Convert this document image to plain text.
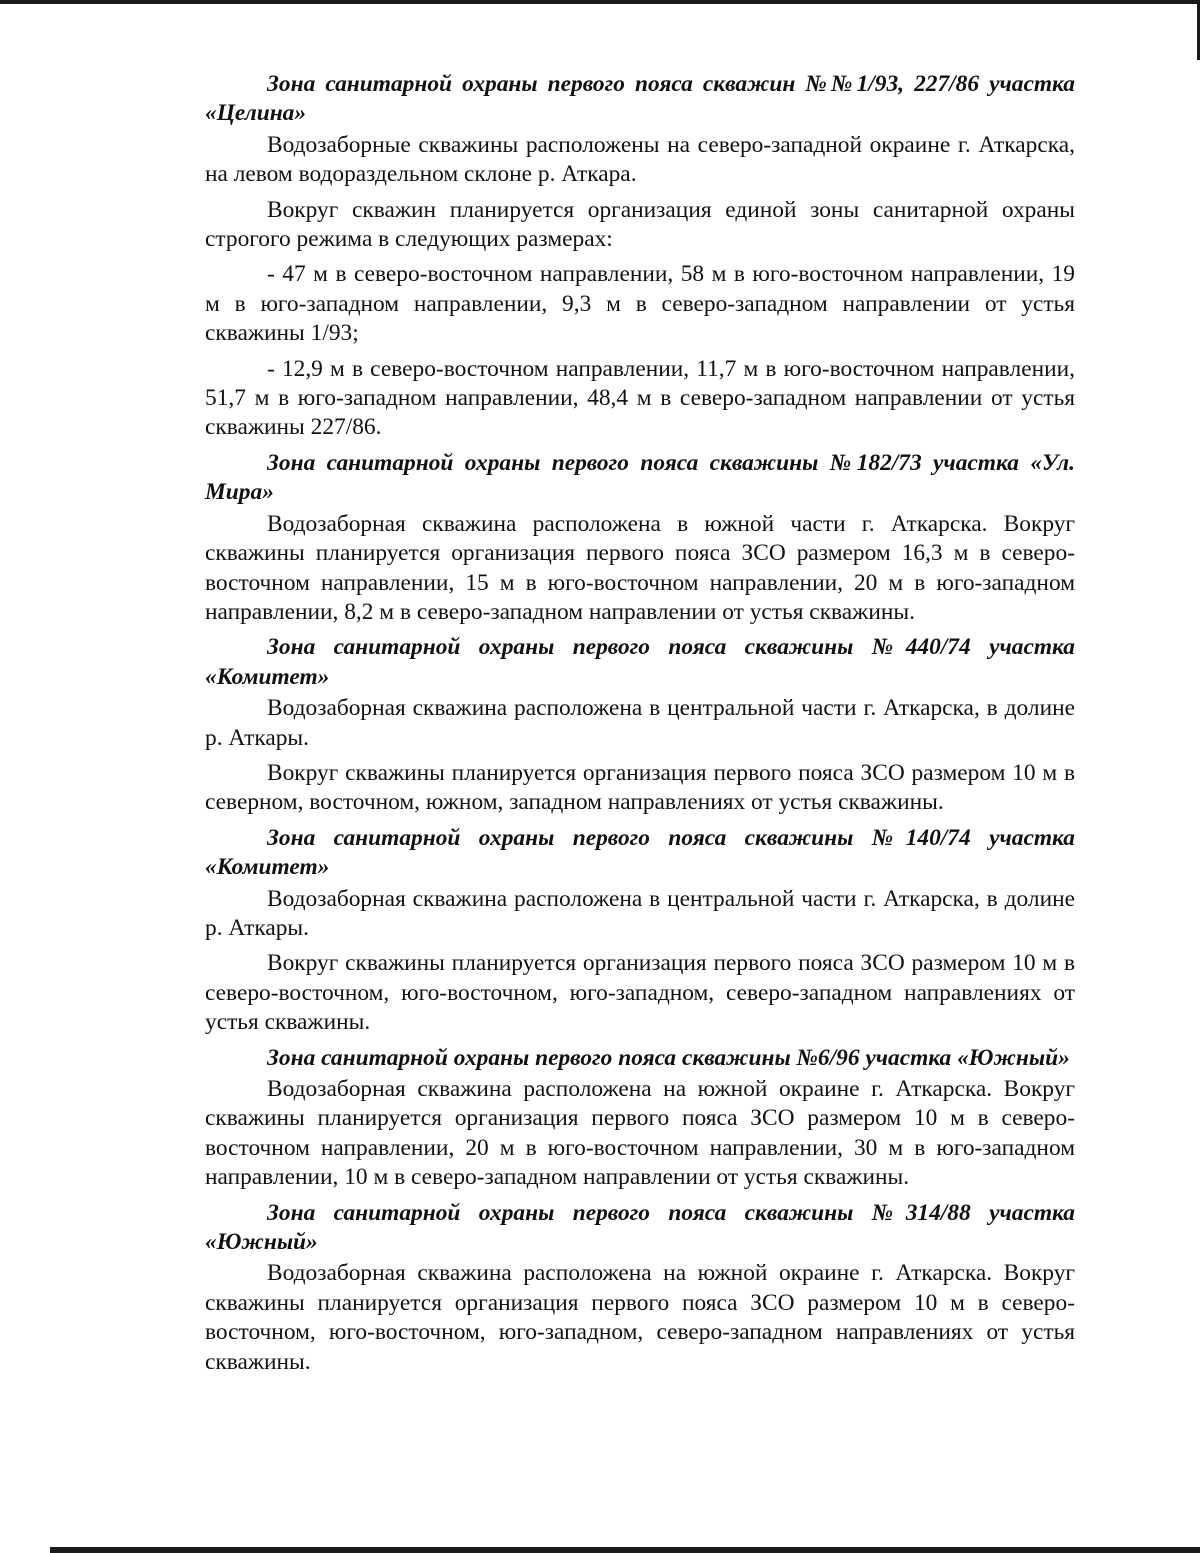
Зона санитарной охраны первого пояса скважин №№1/93, 227/86 участка «Целина»

Водозаборные скважины расположены на северо-западной окраине г. Аткарска, на левом водораздельном склоне р. Аткара.

Вокруг скважин планируется организация единой зоны санитарной охраны строгого режима в следующих размерах:

- 47 м в северо-восточном направлении, 58 м в юго-восточном направлении, 19 м в юго-западном направлении, 9,3 м в северо-западном направлении от устья скважины 1/93;

- 12,9 м в северо-восточном направлении, 11,7 м в юго-восточном направлении, 51,7 м в юго-западном направлении, 48,4 м в северо-западном направлении от устья скважины 227/86.

Зона санитарной охраны первого пояса скважины №182/73 участка «Ул. Мира»

Водозаборная скважина расположена в южной части г. Аткарска. Вокруг скважины планируется организация первого пояса ЗСО размером 16,3 м в северо-восточном направлении, 15 м в юго-восточном направлении, 20 м в юго-западном направлении, 8,2 м в северо-западном направлении от устья скважины.

Зона санитарной охраны первого пояса скважины №440/74 участка «Комитет»

Водозаборная скважина расположена в центральной части г. Аткарска, в долине р. Аткары.

Вокруг скважины планируется организация первого пояса ЗСО размером 10 м в северном, восточном, южном, западном направлениях от устья скважины.

Зона санитарной охраны первого пояса скважины №140/74 участка «Комитет»

Водозаборная скважина расположена в центральной части г. Аткарска, в долине р. Аткары.

Вокруг скважины планируется организация первого пояса ЗСО размером 10 м в северо-восточном, юго-восточном, юго-западном, северо-западном направлениях от устья скважины.

Зона санитарной охраны первого пояса скважины №6/96 участка «Южный»

Водозаборная скважина расположена на южной окраине г. Аткарска. Вокруг скважины планируется организация первого пояса ЗСО размером 10 м в северо-восточном направлении, 20 м в юго-восточном направлении, 30 м в юго-западном направлении, 10 м в северо-западном направлении от устья скважины.

Зона санитарной охраны первого пояса скважины №314/88 участка «Южный»

Водозаборная скважина расположена на южной окраине г. Аткарска. Вокруг скважины планируется организация первого пояса ЗСО размером 10 м в северо-восточном, юго-восточном, юго-западном, северо-западном направлениях от устья скважины.
